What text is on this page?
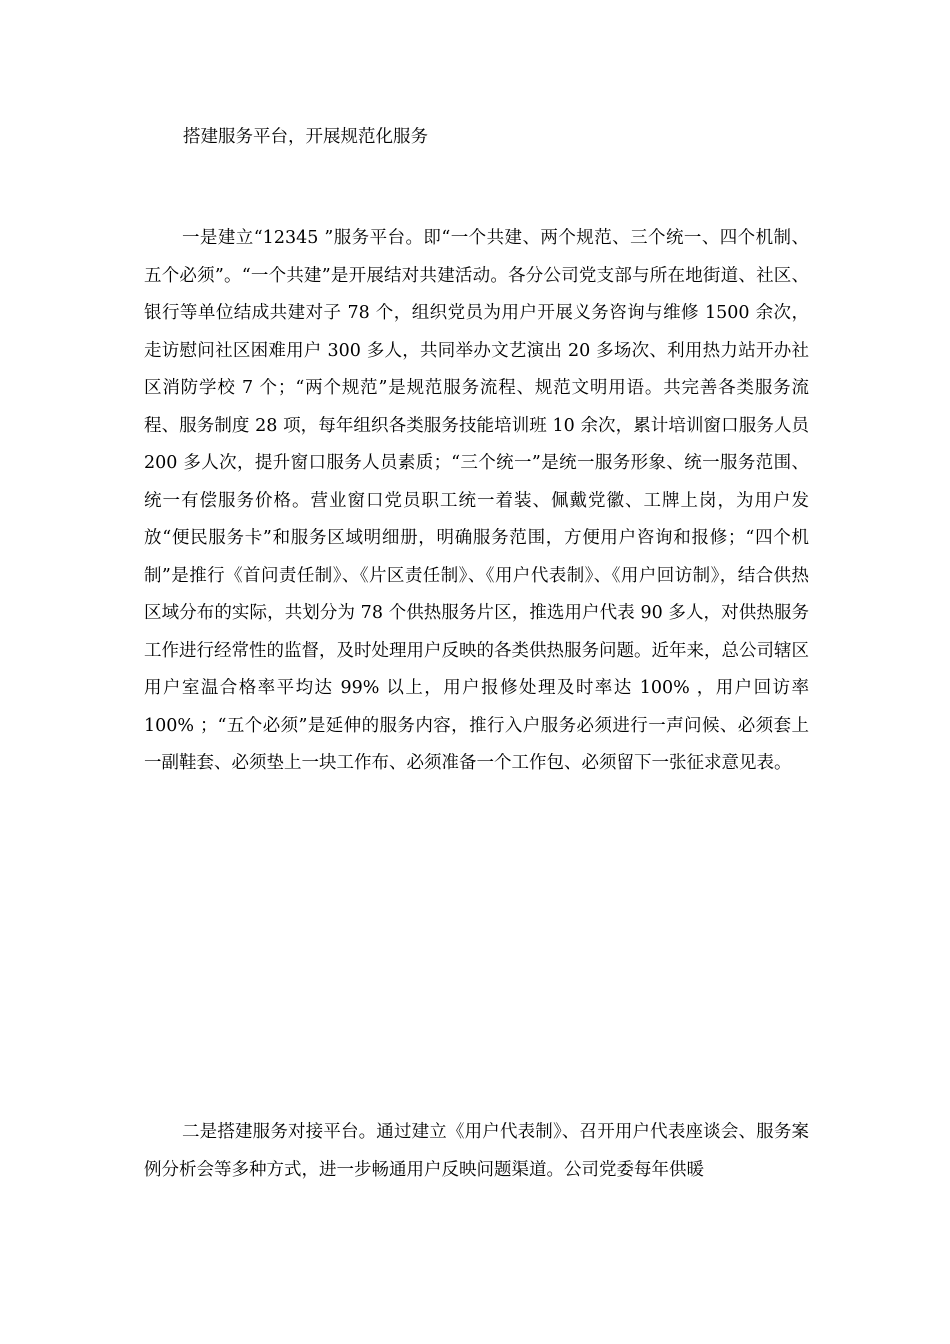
搭建服务平台，开展规范化服务

一是建立“12345 ”服务平台。即“一个共建、两个规范、三个统一、四个机制、五个必须”。“一个共建”是开展结对共建活动。各分公司党支部与所在地街道、社区、银行等单位结成共建对子 78 个，组织党员为用户开展义务咨询与维修 1500 余次，走访慰问社区困难用户 300 多人，共同举办文艺演出 20 多场次、利用热力站开办社区消防学校 7 个；“两个规范”是规范服务流程、规范文明用语。共完善各类服务流程、服务制度 28 项，每年组织各类服务技能培训班 10 余次，累计培训窗口服务人员 200 多人次，提升窗口服务人员素质；“三个统一”是统一服务形象、统一服务范围、统一有偿服务价格。营业窗口党员职工统一着装、佩戴党徽、工牌上岗，为用户发放“便民服务卡”和服务区域明细册，明确服务范围，方便用户咨询和报修；“四个机制”是推行《首问责任制》、《片区责任制》、《用户代表制》、《用户回访制》，结合供热区域分布的实际，共划分为 78 个供热服务片区，推选用户代表 90 多人，对供热服务工作进行经常性的监督，及时处理用户反映的各类供热服务问题。近年来，总公司辖区用户室温合格率平均达 99% 以上，用户报修处理及时率达 100% ，用户回访率 100% ；“五个必须”是延伸的服务内容，推行入户服务必须进行一声问候、必须套上一副鞋套、必须垫上一块工作布、必须准备一个工作包、必须留下一张征求意见表。

二是搭建服务对接平台。通过建立《用户代表制》、召开用户代表座谈会、服务案例分析会等多种方式，进一步畅通用户反映问题渠道。公司党委每年供暖
